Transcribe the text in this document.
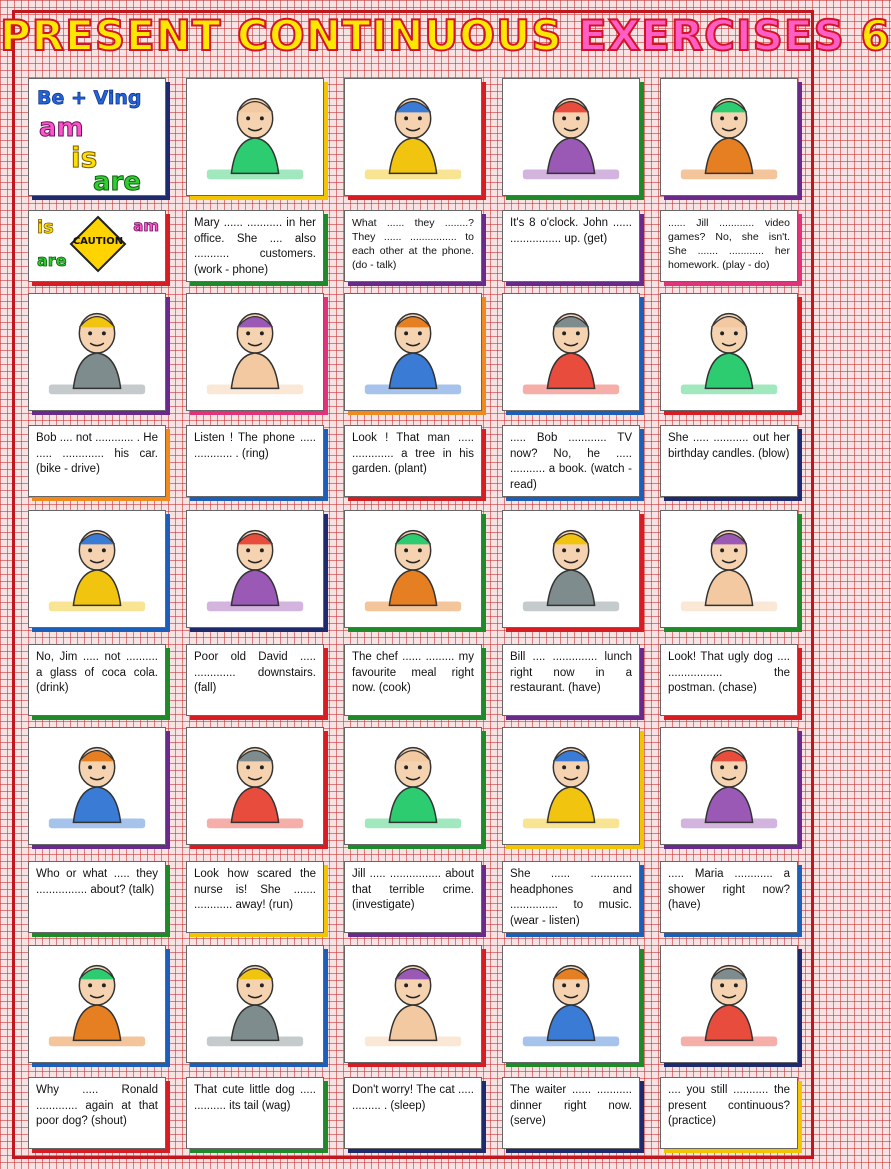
PRESENT CONTINUOUS EXERCISES 6
Be + Ving
am
is
are
is
are
am
CAUTION
Mary ...... ........... in her office. She .... also ........... customers. (work - phone)
What ...... they ........? They ...... ................ to each other at the phone. (do - talk)
It's 8 o'clock. John ...... ................ up. (get)
...... Jill ............ video games? No, she isn't. She ....... ............ her homework. (play - do)
Bob .... not ............ . He ..... ............. his car. (bike - drive)
Listen ! The phone ..... ............ . (ring)
Look ! That man ..... ............. a tree in his garden. (plant)
..... Bob ............ TV now? No, he ..... ........... a book. (watch - read)
She ..... ........... out her birthday candles. (blow)
No, Jim ..... not .......... a glass of coca cola. (drink)
Poor old David ..... ............. downstairs. (fall)
The chef ...... ......... my favourite meal right now. (cook)
Bill .... .............. lunch right now in a restaurant. (have)
Look! That ugly dog .... ................. the postman. (chase)
Who or what ..... they ................ about? (talk)
Look how scared the nurse is! She ....... ............ away! (run)
Jill ..... ................ about that terrible crime. (investigate)
She ...... ............. headphones and ............... to music. (wear - listen)
..... Maria ............ a shower right now? (have)
Why ..... Ronald ............. again at that poor dog? (shout)
That cute little dog ..... .......... its tail (wag)
Don't worry! The cat ..... ......... . (sleep)
The waiter ...... ........... dinner right now. (serve)
.... you still ........... the present continuous? (practice)
